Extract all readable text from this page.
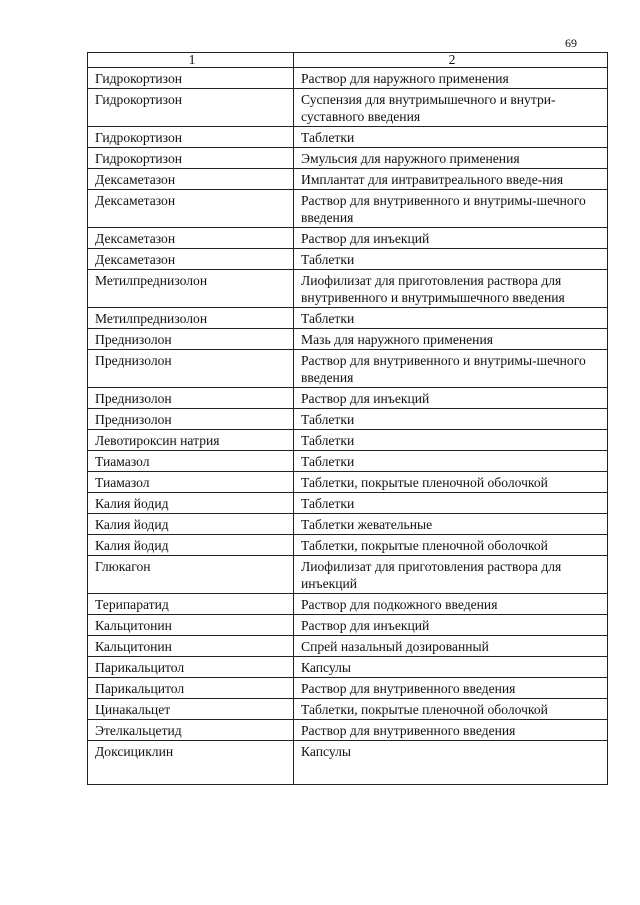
69
1	2
Гидрокортизон	Раствор для наружного применения
Гидрокортизон	Суспензия для внутримышечного и внутри-суставного введения
Гидрокортизон	Таблетки
Гидрокортизон	Эмульсия для наружного применения
Дексаметазон	Имплантат для интравитреального введе-ния
Дексаметазон	Раствор для внутривенного и внутримы-шечного введения
Дексаметазон	Раствор для инъекций
Дексаметазон	Таблетки
Метилпреднизолон	Лиофилизат для приготовления раствора для внутривенного и внутримышечного введения
Метилпреднизолон	Таблетки
Преднизолон	Мазь для наружного применения
Преднизолон	Раствор для внутривенного и внутримы-шечного введения
Преднизолон	Раствор для инъекций
Преднизолон	Таблетки
Левотироксин натрия	Таблетки
Тиамазол	Таблетки
Тиамазол	Таблетки, покрытые пленочной оболочкой
Калия йодид	Таблетки
Калия йодид	Таблетки жевательные
Калия йодид	Таблетки, покрытые пленочной оболочкой
Глюкагон	Лиофилизат для приготовления раствора для инъекций
Терипаратид	Раствор для подкожного введения
Кальцитонин	Раствор для инъекций
Кальцитонин	Спрей назальный дозированный
Парикальцитол	Капсулы
Парикальцитол	Раствор для внутривенного введения
Цинакальцет	Таблетки, покрытые пленочной оболочкой
Этелкальцетид	Раствор для внутривенного введения
Доксициклин	Капсулы
